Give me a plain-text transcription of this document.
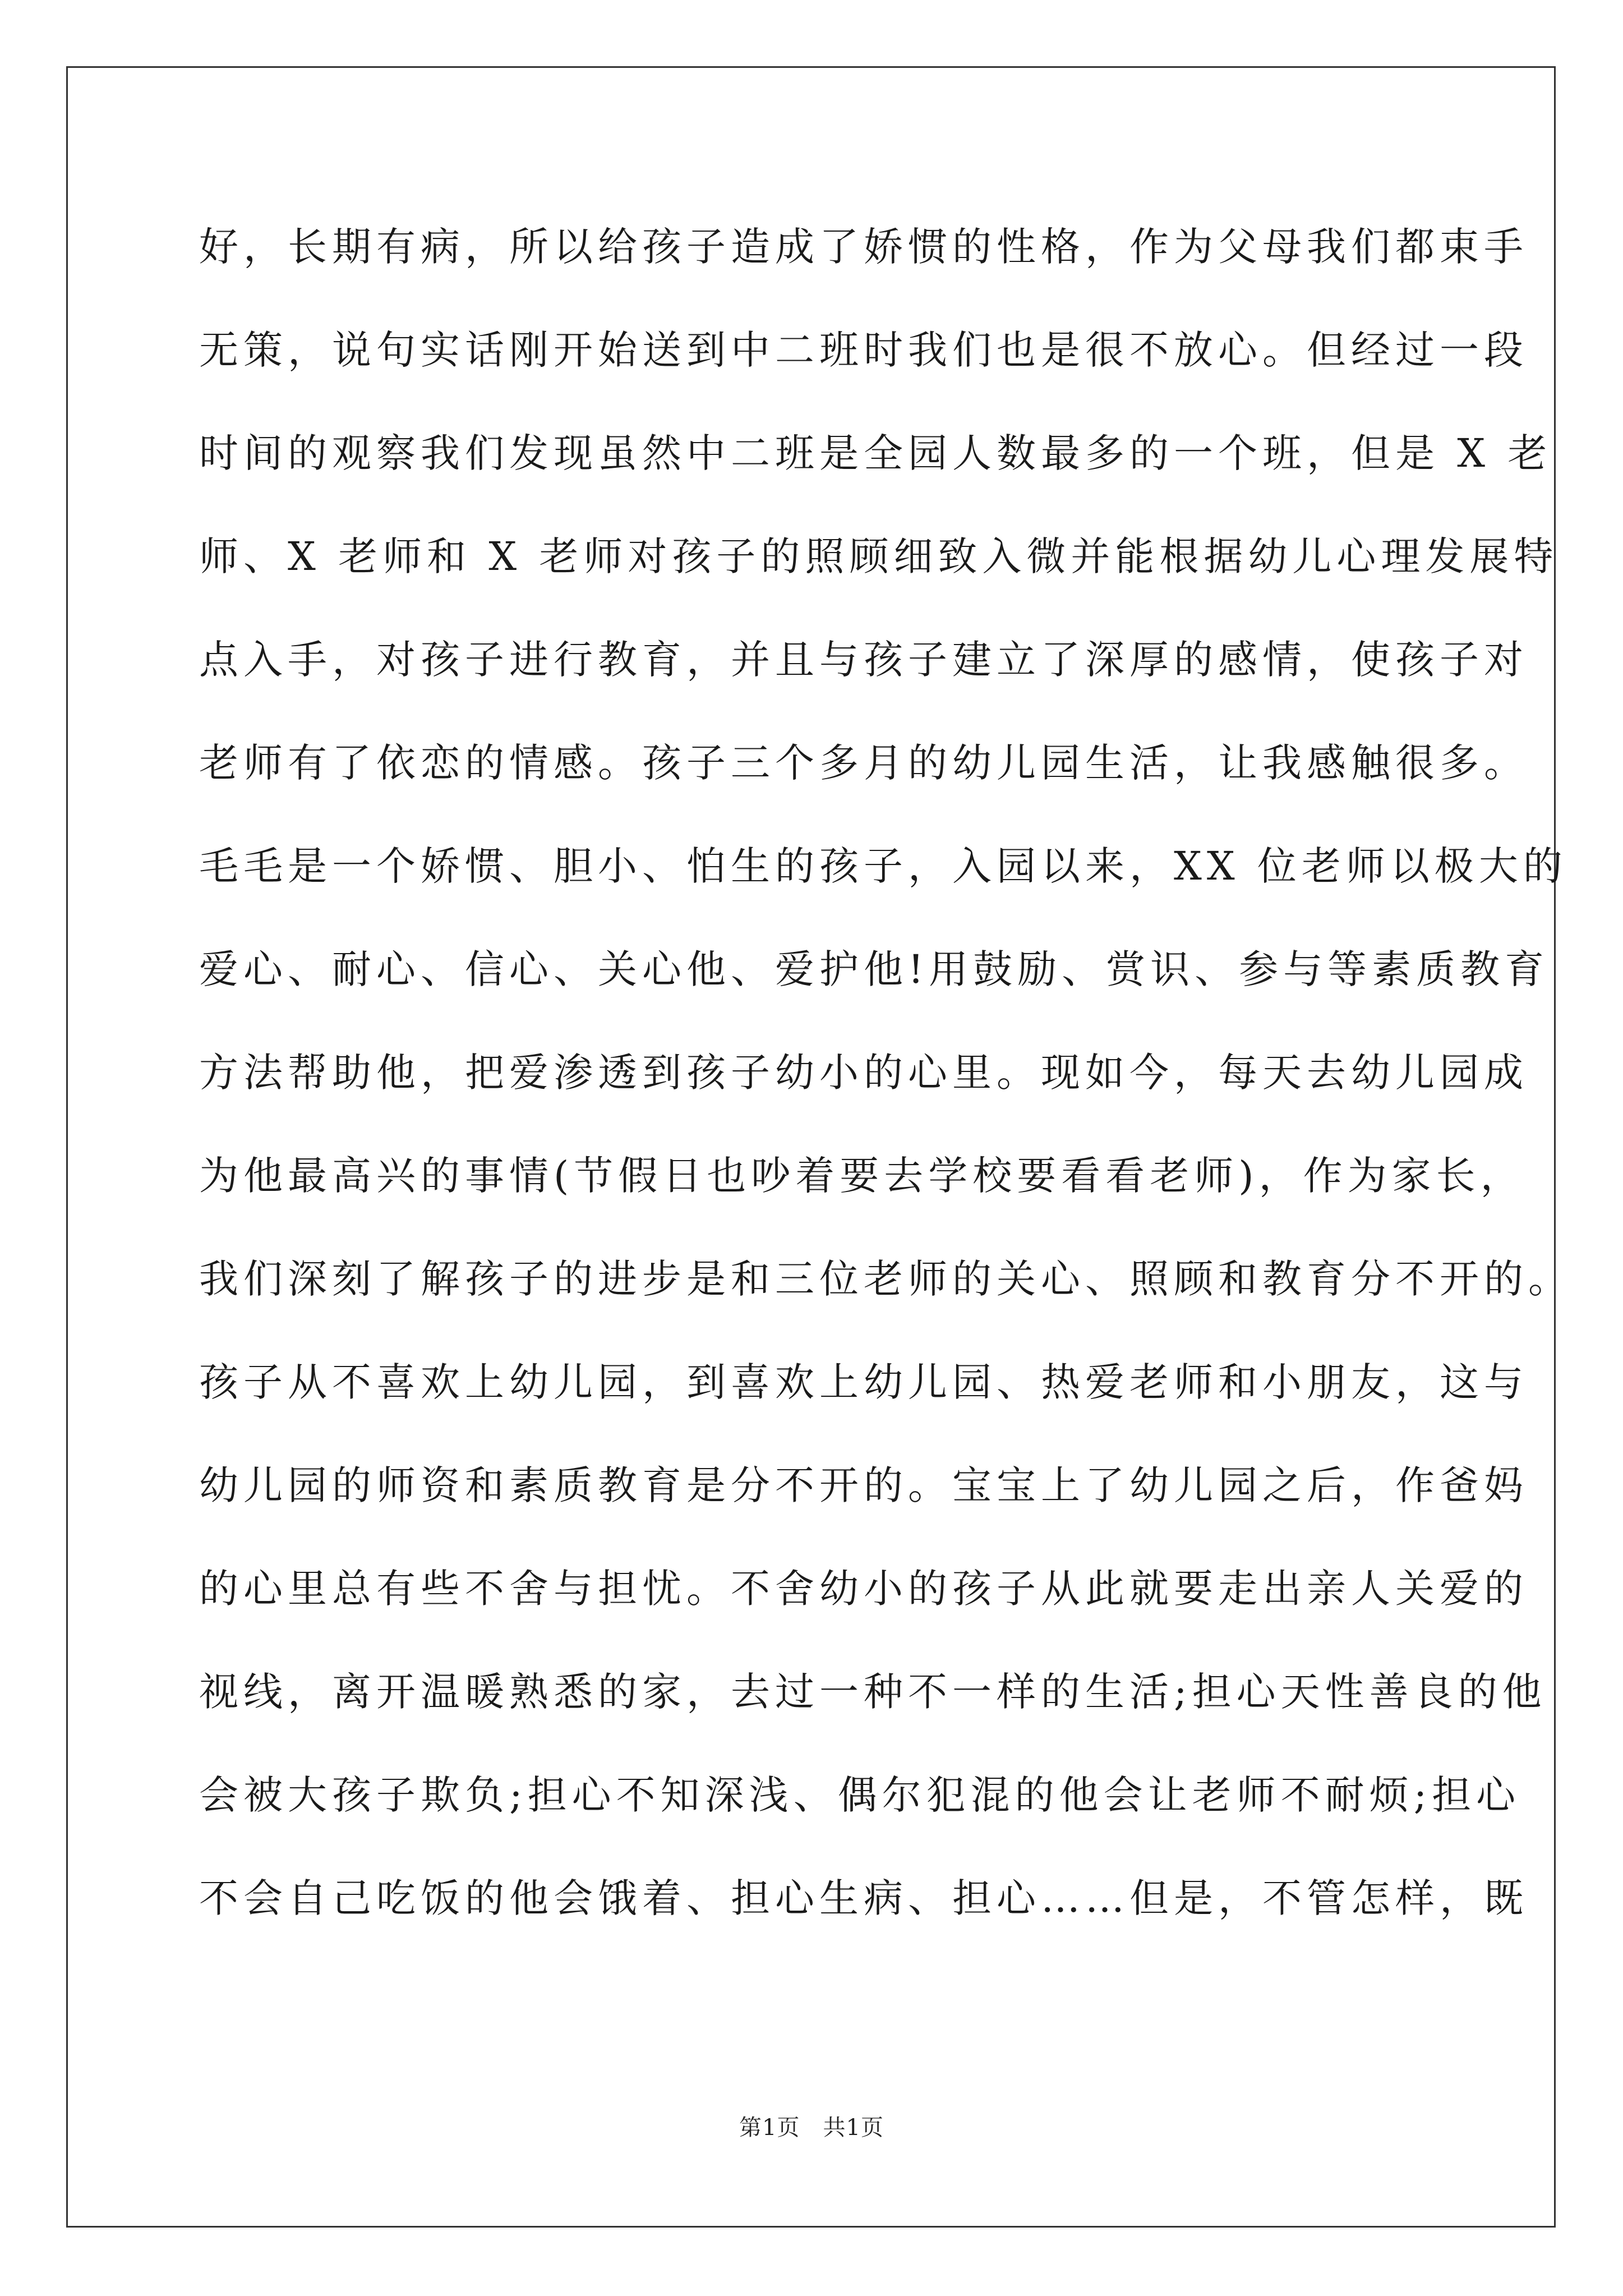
好，长期有病，所以给孩子造成了娇惯的性格，作为父母我们都束手
无策，说句实话刚开始送到中二班时我们也是很不放心。但经过一段
时间的观察我们发现虽然中二班是全园人数最多的一个班，但是 X 老
师、X 老师和 X 老师对孩子的照顾细致入微并能根据幼儿心理发展特
点入手，对孩子进行教育，并且与孩子建立了深厚的感情，使孩子对
老师有了依恋的情感。孩子三个多月的幼儿园生活，让我感触很多。
毛毛是一个娇惯、胆小、怕生的孩子，入园以来，XX 位老师以极大的
爱心、耐心、信心、关心他、爱护他!用鼓励、赏识、参与等素质教育
方法帮助他，把爱渗透到孩子幼小的心里。现如今，每天去幼儿园成
为他最高兴的事情(节假日也吵着要去学校要看看老师)，作为家长，
我们深刻了解孩子的进步是和三位老师的关心、照顾和教育分不开的。
孩子从不喜欢上幼儿园，到喜欢上幼儿园、热爱老师和小朋友，这与
幼儿园的师资和素质教育是分不开的。宝宝上了幼儿园之后，作爸妈
的心里总有些不舍与担忧。不舍幼小的孩子从此就要走出亲人关爱的
视线，离开温暖熟悉的家，去过一种不一样的生活;担心天性善良的他
会被大孩子欺负;担心不知深浅、偶尔犯混的他会让老师不耐烦;担心
不会自己吃饭的他会饿着、担心生病、担心……但是，不管怎样，既
第1页　共1页
